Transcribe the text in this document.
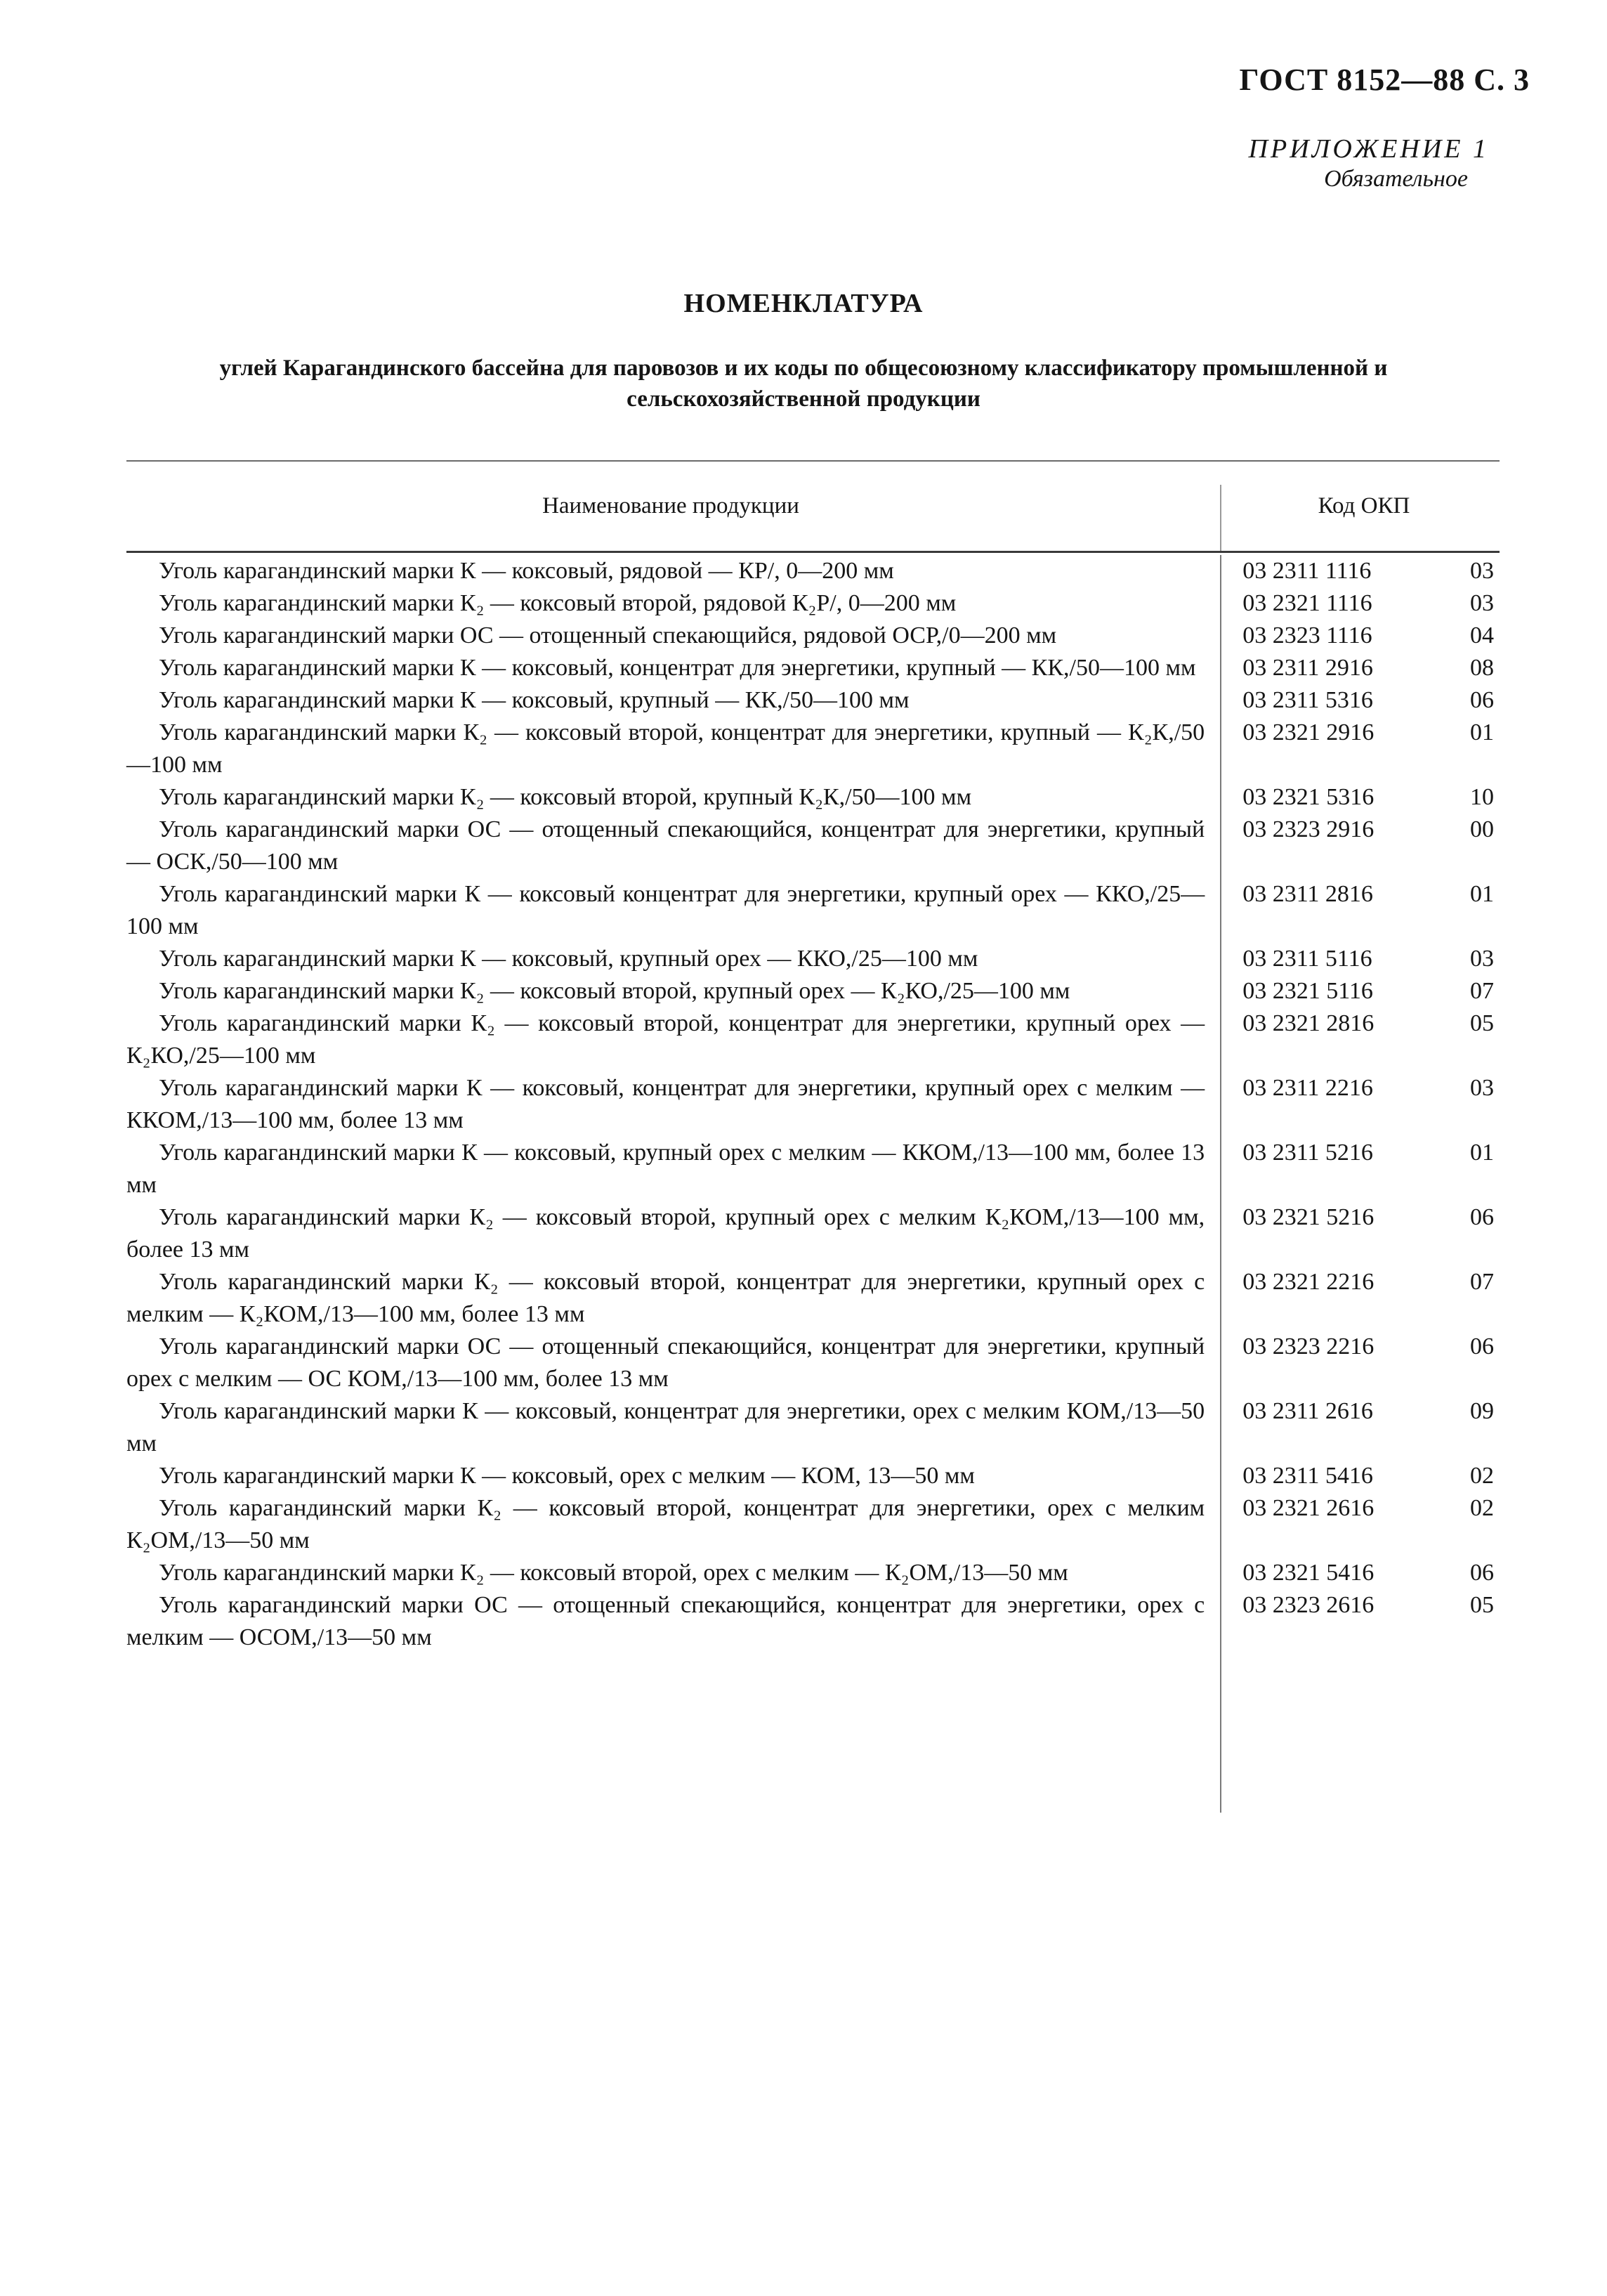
ГОСТ 8152—88 С. 3
ПРИЛОЖЕНИЕ 1
Обязательное
НОМЕНКЛАТУРА
углей Карагандинского бассейна для паровозов и их коды по общесоюзному классификатору промышленной и сельскохозяйственной продукции
Наименование продукции	Код ОКП
Уголь карагандинский марки К — коксовый, рядовой — КР/, 0—200 мм	03 2311 1116	03
Уголь карагандинский марки К₂ — коксовый второй, рядовой К₂Р/, 0—200 мм	03 2321 1116	03
Уголь карагандинский марки ОС — отощенный спекающийся, рядовой ОСР,/0—200 мм	03 2323 1116	04
Уголь карагандинский марки К — коксовый, концентрат для энергетики, крупный — КК,/50—100 мм	03 2311 2916	08
Уголь карагандинский марки К — коксовый, крупный — КК,/50—100 мм	03 2311 5316	06
Уголь карагандинский марки К₂ — коксовый второй, концентрат для энергетики, крупный — К₂К,/50—100 мм
03 2321 2916	01
Уголь карагандинский марки К₂ — коксовый второй, крупный К₂К,/50—100 мм	03 2321 5316	10
Уголь карагандинский марки ОС — отощенный спекающийся, концентрат для энергетики, крупный — ОСК,/50—100 мм
03 2323 2916	00
Уголь карагандинский марки К — коксовый концентрат для энергетики, крупный орех — ККО,/25—100 мм
03 2311 2816	01
Уголь карагандинский марки К — коксовый, крупный орех — ККО,/25—100 мм	03 2311 5116	03
Уголь карагандинский марки К₂ — коксовый второй, крупный орех — К₂КО,/25—100 мм	03 2321 5116	07
Уголь карагандинский марки К₂ — коксовый второй, концентрат для энергетики, крупный орех — К₂КО,/25—100 мм
03 2321 2816	05
Уголь карагандинский марки К — коксовый, концентрат для энергетики, крупный орех с мелким — ККОМ,/13—100 мм, более 13 мм
03 2311 2216	03
Уголь карагандинский марки К — коксовый, крупный орех с мелким — ККОМ,/13—100 мм, более 13 мм
03 2311 5216	01
Уголь карагандинский марки К₂ — коксовый второй, крупный орех с мелким К₂КОМ,/13—100 мм, более 13 мм
03 2321 5216	06
Уголь карагандинский марки К₂ — коксовый второй, концентрат для энергетики, крупный орех с мелким — К₂КОМ,/13—100 мм, более 13 мм
03 2321 2216	07
Уголь карагандинский марки ОС — отощенный спекающийся, концентрат для энергетики, крупный орех с мелким — ОС КОМ,/13—100 мм, более 13 мм
03 2323 2216	06
Уголь карагандинский марки К — коксовый, концентрат для энергетики, орех с мелким КОМ,/13—50 мм
03 2311 2616	09
Уголь карагандинский марки К — коксовый, орех с мелким — КОМ, 13—50 мм	03 2311 5416	02
Уголь карагандинский марки К₂ — коксовый второй, концентрат для энергетики, орех с мелким К₂ОМ,/13—50 мм
03 2321 2616	02
Уголь карагандинский марки К₂ — коксовый второй, орех с мелким — К₂ОМ,/13—50 мм	03 2321 5416	06
Уголь карагандинский марки ОС — отощенный спекающийся, концентрат для энергетики, орех с мелким — ОСОМ,/13—50 мм
03 2323 2616	05
